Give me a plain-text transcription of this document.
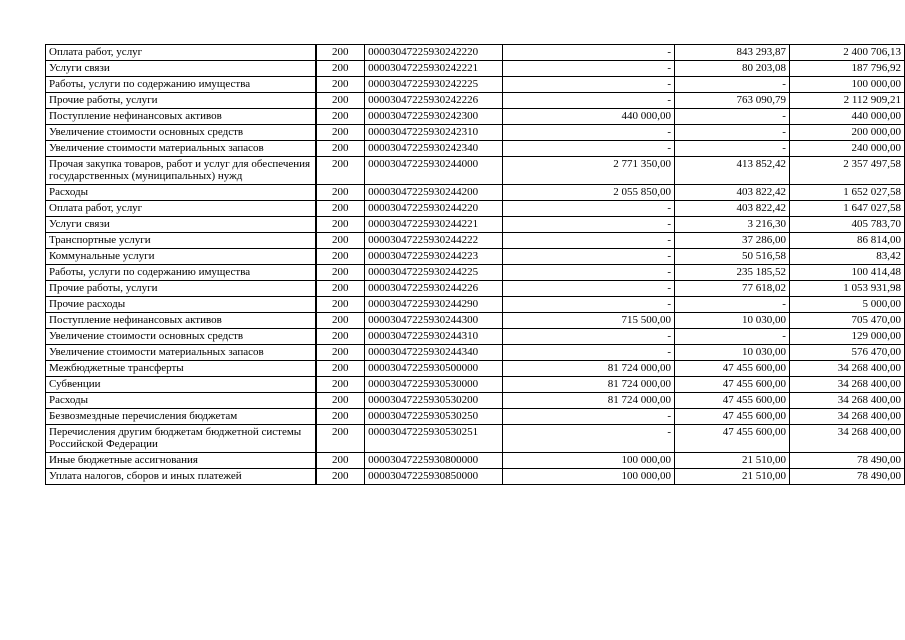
Оплата работ, услуг	200	00003047225930242220	-	843 293,87	2 400 706,13
Услуги связи	200	00003047225930242221	-	80 203,08	187 796,92
Работы, услуги по содержанию имущества	200	00003047225930242225	-	-	100 000,00
Прочие работы, услуги	200	00003047225930242226	-	763 090,79	2 112 909,21
Поступление нефинансовых активов	200	00003047225930242300	440 000,00	-	440 000,00
Увеличение стоимости основных средств	200	00003047225930242310	-	-	200 000,00
Увеличение стоимости материальных запасов	200	00003047225930242340	-	-	240 000,00
Прочая закупка товаров, работ и услуг для обеспечения государственных (муниципальных) нужд	200	00003047225930244000	2 771 350,00	413 852,42	2 357 497,58
Расходы	200	00003047225930244200	2 055 850,00	403 822,42	1 652 027,58
Оплата работ, услуг	200	00003047225930244220	-	403 822,42	1 647 027,58
Услуги связи	200	00003047225930244221	-	3 216,30	405 783,70
Транспортные услуги	200	00003047225930244222	-	37 286,00	86 814,00
Коммунальные услуги	200	00003047225930244223	-	50 516,58	83,42
Работы, услуги по содержанию имущества	200	00003047225930244225	-	235 185,52	100 414,48
Прочие работы, услуги	200	00003047225930244226	-	77 618,02	1 053 931,98
Прочие расходы	200	00003047225930244290	-	-	5 000,00
Поступление нефинансовых активов	200	00003047225930244300	715 500,00	10 030,00	705 470,00
Увеличение стоимости основных средств	200	00003047225930244310	-	-	129 000,00
Увеличение стоимости материальных запасов	200	00003047225930244340	-	10 030,00	576 470,00
Межбюджетные трансферты	200	00003047225930500000	81 724 000,00	47 455 600,00	34 268 400,00
Субвенции	200	00003047225930530000	81 724 000,00	47 455 600,00	34 268 400,00
Расходы	200	00003047225930530200	81 724 000,00	47 455 600,00	34 268 400,00
Безвозмездные перечисления бюджетам	200	00003047225930530250	-	47 455 600,00	34 268 400,00
Перечисления другим бюджетам бюджетной системы Российской Федерации	200	00003047225930530251	-	47 455 600,00	34 268 400,00
Иные бюджетные ассигнования	200	00003047225930800000	100 000,00	21 510,00	78 490,00
Уплата налогов, сборов и иных платежей	200	00003047225930850000	100 000,00	21 510,00	78 490,00
